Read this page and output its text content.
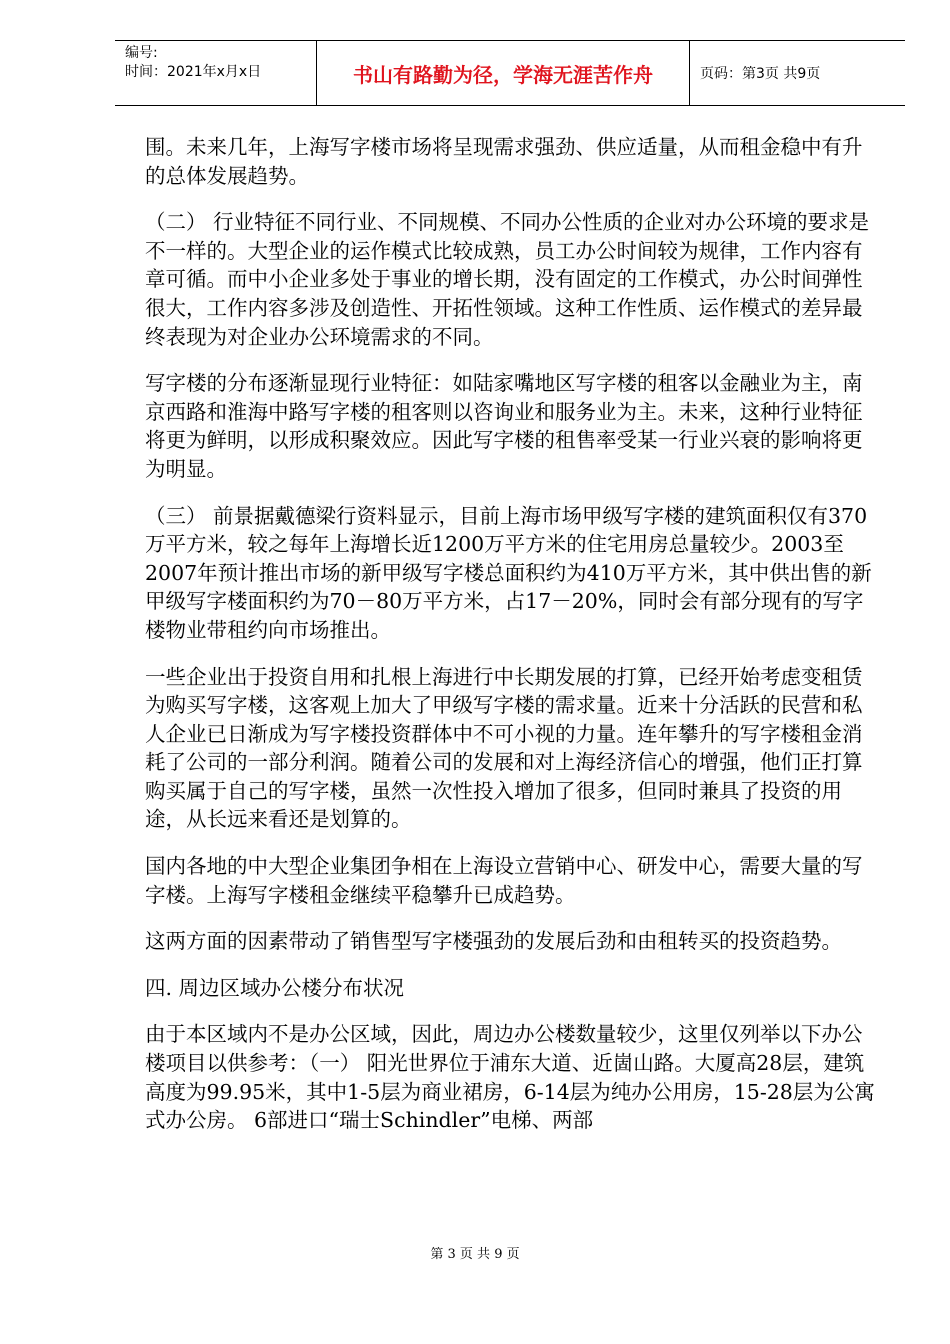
编号:
时间：2021年x月x日	书山有路勤为径，学海无涯苦作舟	页码：第3页 共9页

围。未来几年，上海写字楼市场将呈现需求强劲、供应适量，从而租金稳中有升的总体发展趋势。

（二） 行业特征不同行业、不同规模、不同办公性质的企业对办公环境的要求是不一样的。大型企业的运作模式比较成熟，员工办公时间较为规律，工作内容有章可循。而中小企业多处于事业的增长期，没有固定的工作模式，办公时间弹性很大，工作内容多涉及创造性、开拓性领域。这种工作性质、运作模式的差异最终表现为对企业办公环境需求的不同。

写字楼的分布逐渐显现行业特征：如陆家嘴地区写字楼的租客以金融业为主，南京西路和淮海中路写字楼的租客则以咨询业和服务业为主。未来，这种行业特征将更为鲜明，以形成积聚效应。因此写字楼的租售率受某一行业兴衰的影响将更为明显。

（三） 前景据戴德梁行资料显示，目前上海市场甲级写字楼的建筑面积仅有370万平方米，较之每年上海增长近1200万平方米的住宅用房总量较少。2003至2007年预计推出市场的新甲级写字楼总面积约为410万平方米，其中供出售的新甲级写字楼面积约为70－80万平方米，占17－20%，同时会有部分现有的写字楼物业带租约向市场推出。

一些企业出于投资自用和扎根上海进行中长期发展的打算，已经开始考虑变租赁为购买写字楼，这客观上加大了甲级写字楼的需求量。近来十分活跃的民营和私人企业已日渐成为写字楼投资群体中不可小视的力量。连年攀升的写字楼租金消耗了公司的一部分利润。随着公司的发展和对上海经济信心的增强，他们正打算购买属于自己的写字楼，虽然一次性投入增加了很多，但同时兼具了投资的用途，从长远来看还是划算的。

国内各地的中大型企业集团争相在上海设立营销中心、研发中心，需要大量的写字楼。上海写字楼租金继续平稳攀升已成趋势。

这两方面的因素带动了销售型写字楼强劲的发展后劲和由租转买的投资趋势。

四. 周边区域办公楼分布状况

由于本区域内不是办公区域，因此，周边办公楼数量较少，这里仅列举以下办公楼项目以供参考：（一） 阳光世界位于浦东大道、近崮山路。大厦高28层，建筑高度为99.95米，其中1-5层为商业裙房，6-14层为纯办公用房，15-28层为公寓式办公房。 6部进口“瑞士Schindler”电梯、两部

第 3 页 共 9 页
